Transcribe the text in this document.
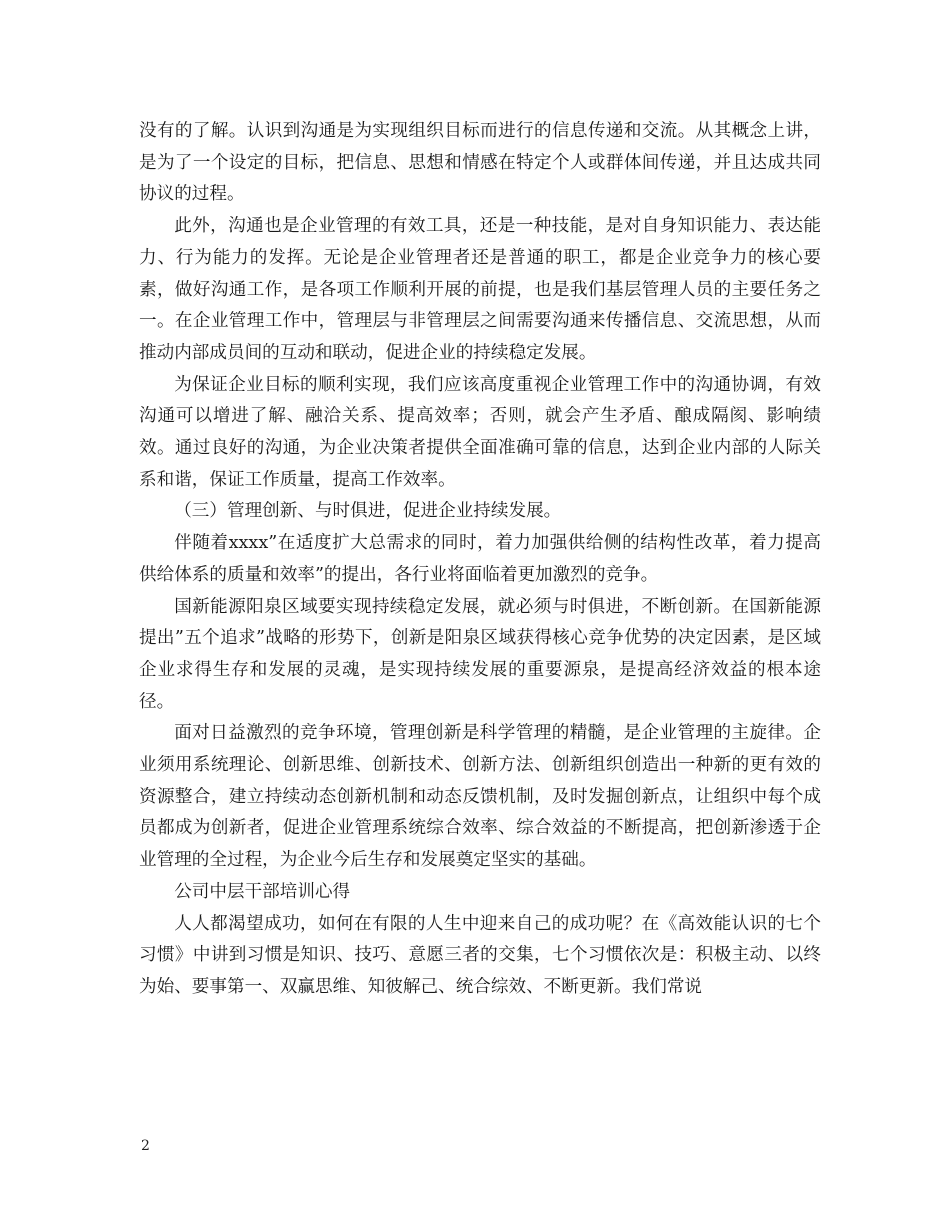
没有的了解。认识到沟通是为实现组织目标而进行的信息传递和交流。从其概念上讲，是为了一个设定的目标，把信息、思想和情感在特定个人或群体间传递，并且达成共同协议的过程。

此外，沟通也是企业管理的有效工具，还是一种技能，是对自身知识能力、表达能力、行为能力的发挥。无论是企业管理者还是普通的职工，都是企业竞争力的核心要素，做好沟通工作，是各项工作顺利开展的前提，也是我们基层管理人员的主要任务之一。在企业管理工作中，管理层与非管理层之间需要沟通来传播信息、交流思想，从而推动内部成员间的互动和联动，促进企业的持续稳定发展。

为保证企业目标的顺利实现，我们应该高度重视企业管理工作中的沟通协调，有效沟通可以增进了解、融洽关系、提高效率；否则，就会产生矛盾、酿成隔阂、影响绩效。通过良好的沟通，为企业决策者提供全面准确可靠的信息，达到企业内部的人际关系和谐，保证工作质量，提高工作效率。

（三）管理创新、与时俱进，促进企业持续发展。

伴随着xxxx”在适度扩大总需求的同时，着力加强供给侧的结构性改革，着力提高供给体系的质量和效率”的提出，各行业将面临着更加激烈的竞争。

国新能源阳泉区域要实现持续稳定发展，就必须与时俱进，不断创新。在国新能源提出”五个追求”战略的形势下，创新是阳泉区域获得核心竞争优势的决定因素，是区域企业求得生存和发展的灵魂，是实现持续发展的重要源泉，是提高经济效益的根本途径。

面对日益激烈的竞争环境，管理创新是科学管理的精髓，是企业管理的主旋律。企业须用系统理论、创新思维、创新技术、创新方法、创新组织创造出一种新的更有效的资源整合，建立持续动态创新机制和动态反馈机制，及时发掘创新点，让组织中每个成员都成为创新者，促进企业管理系统综合效率、综合效益的不断提高，把创新渗透于企业管理的全过程，为企业今后生存和发展奠定坚实的基础。

公司中层干部培训心得

人人都渴望成功，如何在有限的人生中迎来自己的成功呢？在《高效能认识的七个习惯》中讲到习惯是知识、技巧、意愿三者的交集，七个习惯依次是：积极主动、以终为始、要事第一、双赢思维、知彼解己、统合综效、不断更新。我们常说

2
